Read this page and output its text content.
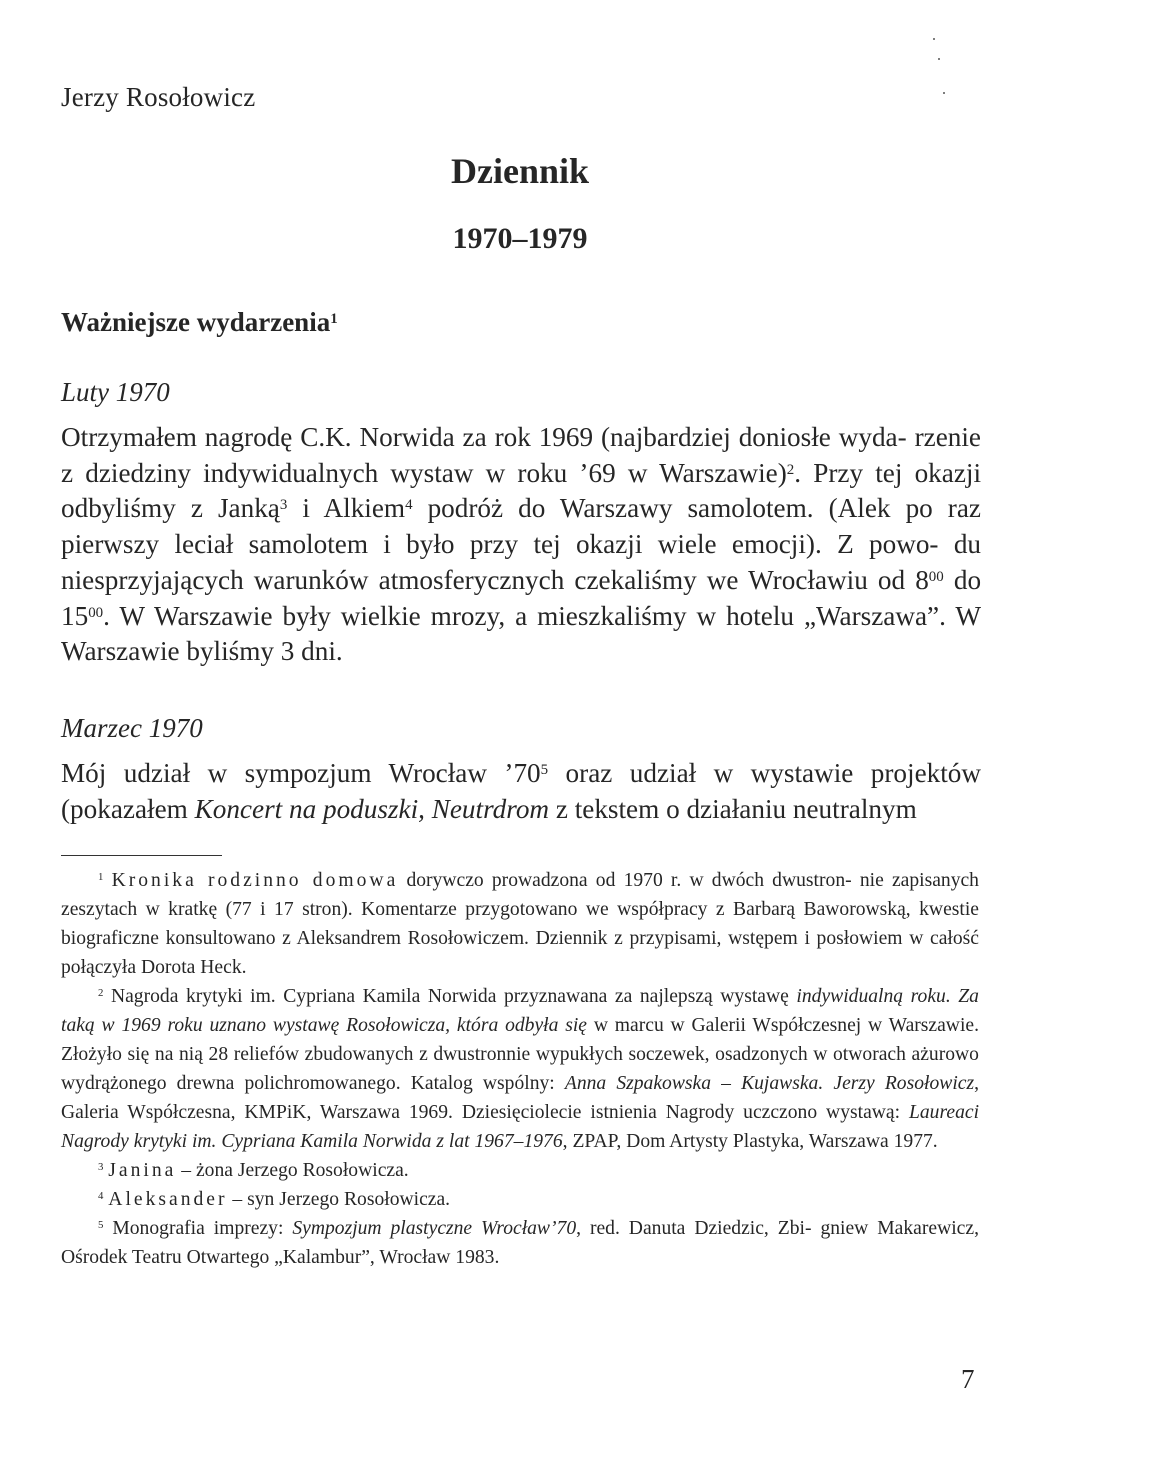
Jerzy Rosołowicz
Dziennik
1970–1979
Ważniejsze wydarzenia$^1$
Luty 1970
Otrzymałem nagrodę C.K. Norwida za rok 1969 (najbardziej doniosłe wyda- rzenie z dziedziny indywidualnych wystaw w roku ’69 w Warszawie)$^2$. Przy tej okazji odbyliśmy z Janką$^3$ i Alkiem$^4$ podróż do Warszawy samolotem. (Alek po raz pierwszy leciał samolotem i było przy tej okazji wiele emocji). Z powo- du niesprzyjających warunków atmosferycznych czekaliśmy we Wrocławiu od $8^{00}$ do $15^{00}$. W Warszawie były wielkie mrozy, a mieszkaliśmy w hotelu „Warszawa”. W Warszawie byliśmy 3 dni.
Marzec 1970
Mój udział w sympozjum Wrocław $’70^5$ oraz udział w wystawie projektów (pokazałem Koncert na poduszki, Neutrdrom z tekstem o działaniu neutralnym

$^1$ Kronika rodzinno domowa dorywczo prowadzona od 1970 r. w dwóch dwustron- nie zapisanych zeszytach w kratkę (77 i 17 stron). Komentarze przygotowano we współpracy z Barbarą Baworowską, kwestie biograficzne konsultowano z Aleksandrem Rosołowiczem. Dziennik z przypisami, wstępem i posłowiem w całość połączyła Dorota Heck.

$^2$ Nagroda krytyki im. Cypriana Kamila Norwida przyznawana za najlepszą wystawę indywidualną roku. Za taką w 1969 roku uznano wystawę Rosołowicza, która odbyła się w marcu w Galerii Współczesnej w Warszawie. Złożyło się na nią 28 reliefów zbudowanych z dwustronnie wypukłych soczewek, osadzonych w otworach ażurowo wydrążonego drewna polichromowanego. Katalog wspólny: Anna Szpakowska – Kujawska. Jerzy Rosołowicz, Galeria Współczesna, KMPiK, Warszawa 1969. Dziesięciolecie istnienia Nagrody uczczono wystawą: Laureaci Nagrody krytyki im. Cypriana Kamila Norwida z lat 1967–1976, ZPAP, Dom Artysty Plastyka, Warszawa 1977.

$^3$ Janina – żona Jerzego Rosołowicza.

$^4$ Aleksander – syn Jerzego Rosołowicza.

$^5$ Monografia imprezy: Sympozjum plastyczne Wrocław’70, red. Danuta Dziedzic, Zbi- gniew Makarewicz, Ośrodek Teatru Otwartego „Kalambur”, Wrocław 1983.

7
